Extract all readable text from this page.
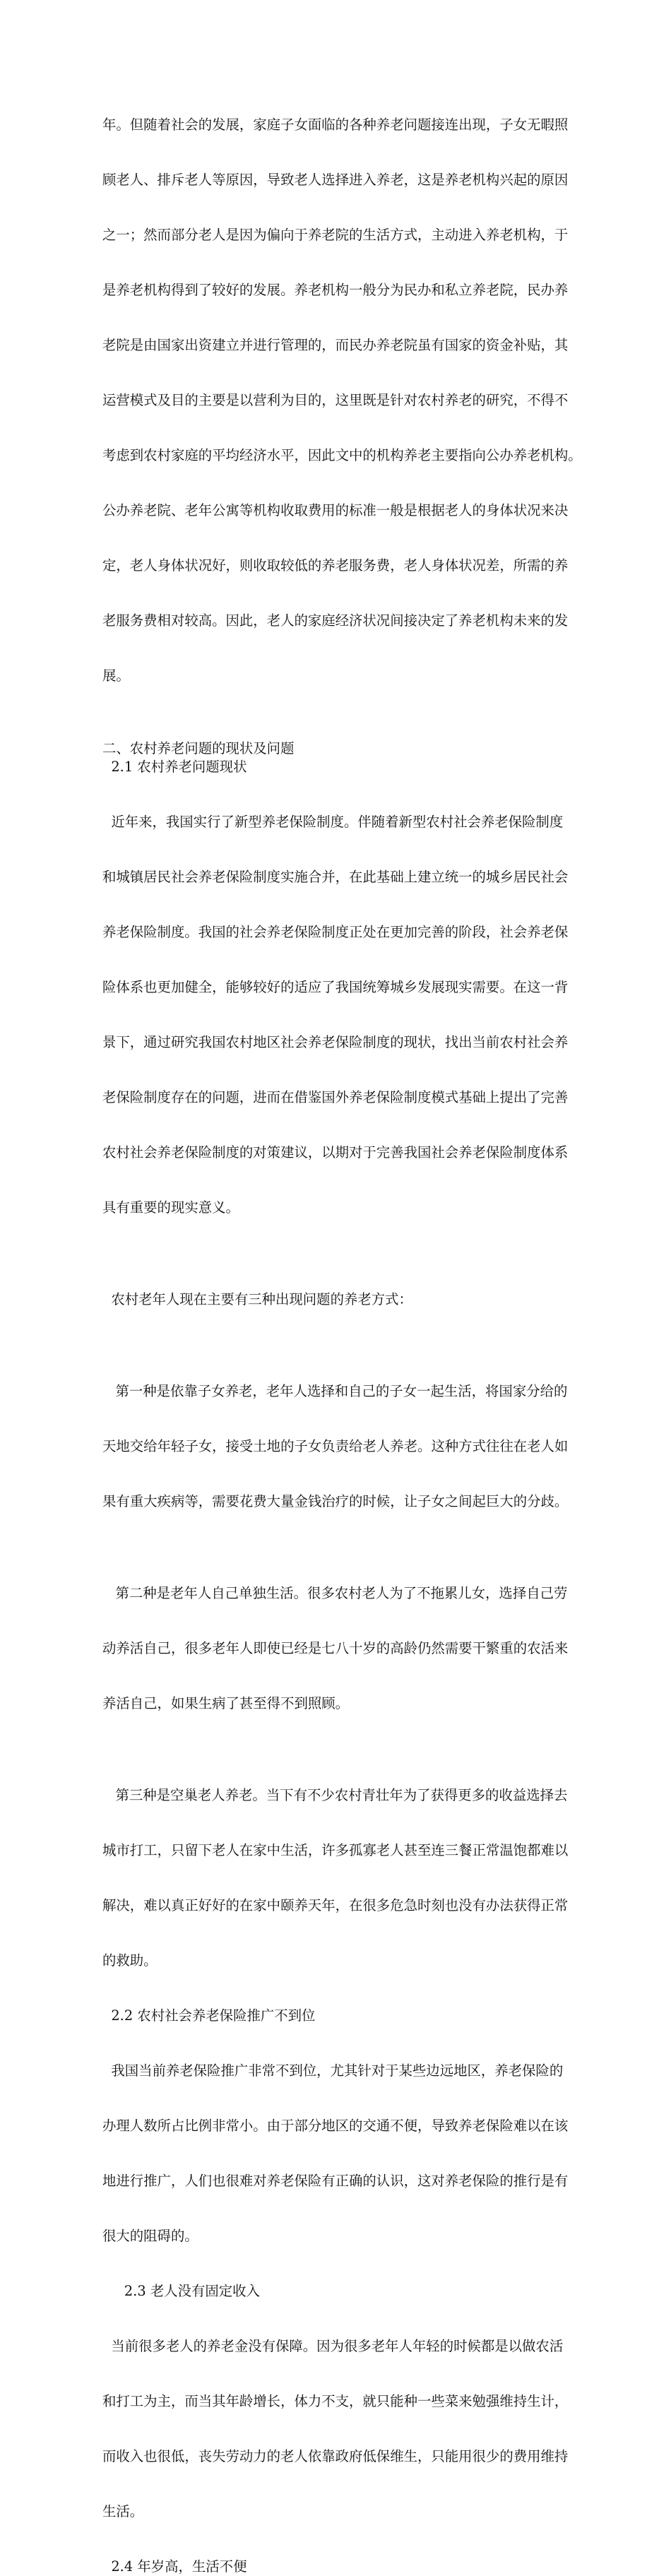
年。但随着社会的发展，家庭子女面临的各种养老问题接连出现，子女无暇照

顾老人、排斥老人等原因，导致老人选择进入养老，这是养老机构兴起的原因

之一；然而部分老人是因为偏向于养老院的生活方式，主动进入养老机构，于

是养老机构得到了较好的发展。养老机构一般分为民办和私立养老院，民办养

老院是由国家出资建立并进行管理的，而民办养老院虽有国家的资金补贴，其

运营模式及目的主要是以营利为目的，这里既是针对农村养老的研究，不得不

考虑到农村家庭的平均经济水平，因此文中的机构养老主要指向公办养老机构。

公办养老院、老年公寓等机构收取费用的标准一般是根据老人的身体状况来决

定，老人身体状况好，则收取较低的养老服务费，老人身体状况差，所需的养

老服务费相对较高。因此，老人的家庭经济状况间接决定了养老机构未来的发

展。

二、农村养老问题的现状及问题
2.1 农村养老问题现状

近年来，我国实行了新型养老保险制度。伴随着新型农村社会养老保险制度

和城镇居民社会养老保险制度实施合并，在此基础上建立统一的城乡居民社会

养老保险制度。我国的社会养老保险制度正处在更加完善的阶段，社会养老保

险体系也更加健全，能够较好的适应了我国统筹城乡发展现实需要。在这一背

景下，通过研究我国农村地区社会养老保险制度的现状，找出当前农村社会养

老保险制度存在的问题，进而在借鉴国外养老保险制度模式基础上提出了完善

农村社会养老保险制度的对策建议，以期对于完善我国社会养老保险制度体系

具有重要的现实意义。

农村老年人现在主要有三种出现问题的养老方式：

第一种是依靠子女养老，老年人选择和自己的子女一起生活，将国家分给的

天地交给年轻子女，接受土地的子女负责给老人养老。这种方式往往在老人如

果有重大疾病等，需要花费大量金钱治疗的时候，让子女之间起巨大的分歧。

第二种是老年人自己单独生活。很多农村老人为了不拖累儿女，选择自己劳

动养活自己，很多老年人即使已经是七八十岁的高龄仍然需要干繁重的农活来

养活自己，如果生病了甚至得不到照顾。

第三种是空巢老人养老。当下有不少农村青壮年为了获得更多的收益选择去

城市打工，只留下老人在家中生活，许多孤寡老人甚至连三餐正常温饱都难以

解决，难以真正好好的在家中颐养天年，在很多危急时刻也没有办法获得正常

的救助。

2.2 农村社会养老保险推广不到位

我国当前养老保险推广非常不到位，尤其针对于某些边远地区，养老保险的

办理人数所占比例非常小。由于部分地区的交通不便，导致养老保险难以在该

地进行推广，人们也很难对养老保险有正确的认识，这对养老保险的推行是有

很大的阻碍的。

2.3 老人没有固定收入

当前很多老人的养老金没有保障。因为很多老年人年轻的时候都是以做农活

和打工为主，而当其年龄增长，体力不支，就只能种一些菜来勉强维持生计，

而收入也很低，丧失劳动力的老人依靠政府低保维生，只能用很少的费用维持

生活。

2.4 年岁高，生活不便
